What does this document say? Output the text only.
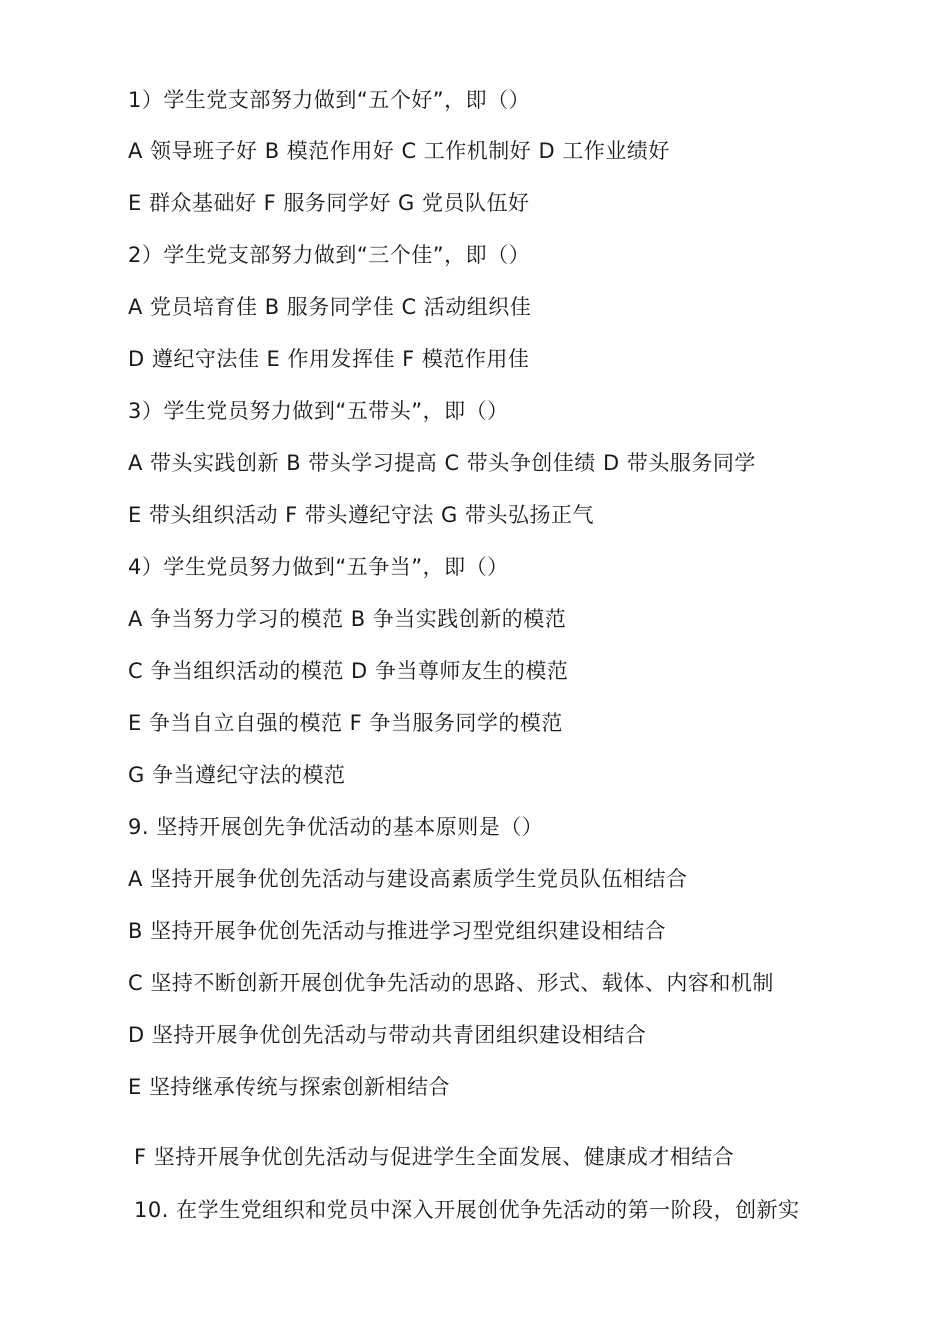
1）学生党支部努力做到“五个好”，即（）
A 领导班子好 B 模范作用好 C 工作机制好 D 工作业绩好
E 群众基础好 F 服务同学好 G 党员队伍好
2）学生党支部努力做到“三个佳”，即（）
A 党员培育佳 B 服务同学佳 C 活动组织佳
D 遵纪守法佳 E 作用发挥佳 F 模范作用佳
3）学生党员努力做到“五带头”，即（）
A 带头实践创新 B 带头学习提高 C 带头争创佳绩 D 带头服务同学
E 带头组织活动 F 带头遵纪守法 G 带头弘扬正气
4）学生党员努力做到“五争当”，即（）
A 争当努力学习的模范 B 争当实践创新的模范
C 争当组织活动的模范 D 争当尊师友生的模范
E 争当自立自强的模范 F 争当服务同学的模范
G 争当遵纪守法的模范
9. 坚持开展创先争优活动的基本原则是（）
A 坚持开展争优创先活动与建设高素质学生党员队伍相结合
B 坚持开展争优创先活动与推进学习型党组织建设相结合
C 坚持不断创新开展创优争先活动的思路、形式、载体、内容和机制
D 坚持开展争优创先活动与带动共青团组织建设相结合
E 坚持继承传统与探索创新相结合
F 坚持开展争优创先活动与促进学生全面发展、健康成才相结合
10. 在学生党组织和党员中深入开展创优争先活动的第一阶段，创新实
